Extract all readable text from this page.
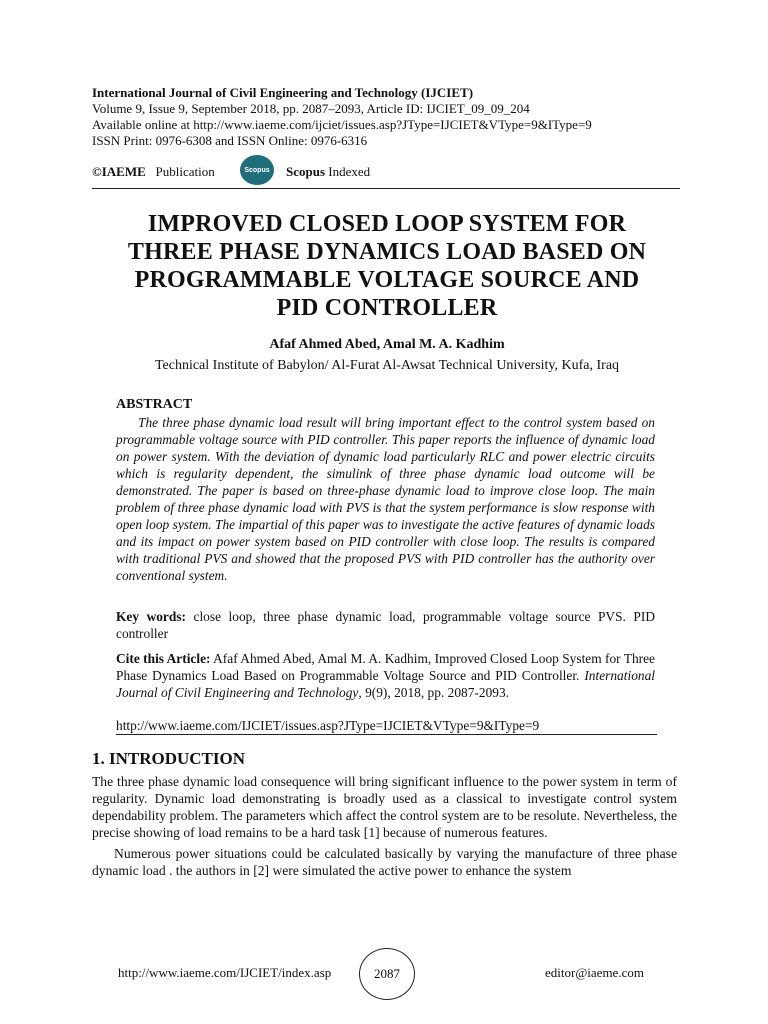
International Journal of Civil Engineering and Technology (IJCIET)
Volume 9, Issue 9, September 2018, pp. 2087–2093, Article ID: IJCIET_09_09_204
Available online at http://www.iaeme.com/ijciet/issues.asp?JType=IJCIET&VType=9&IType=9
ISSN Print: 0976-6308 and ISSN Online: 0976-6316
©IAEME Publication	Scopus Scopus Indexed
IMPROVED CLOSED LOOP SYSTEM FOR
THREE PHASE DYNAMICS LOAD BASED ON
PROGRAMMABLE VOLTAGE SOURCE AND
PID CONTROLLER
Afaf Ahmed Abed, Amal M. A. Kadhim
Technical Institute of Babylon/ Al-Furat Al-Awsat Technical University, Kufa, Iraq
ABSTRACT
The three phase dynamic load result will bring important effect to the control system based on programmable voltage source with PID controller. This paper reports the influence of dynamic load on power system. With the deviation of dynamic load particularly RLC and power electric circuits which is regularity dependent, the simulink of three phase dynamic load outcome will be demonstrated. The paper is based on three-phase dynamic load to improve close loop. The main problem of three phase dynamic load with PVS is that the system performance is slow response with open loop system. The impartial of this paper was to investigate the active features of dynamic loads and its impact on power system based on PID controller with close loop. The results is compared with traditional PVS and showed that the proposed PVS with PID controller has the authority over conventional system.
Key words: close loop, three phase dynamic load, programmable voltage source PVS. PID controller
Cite this Article: Afaf Ahmed Abed, Amal M. A. Kadhim, Improved Closed Loop System for Three Phase Dynamics Load Based on Programmable Voltage Source and PID Controller. International Journal of Civil Engineering and Technology, 9(9), 2018, pp. 2087-2093.
http://www.iaeme.com/IJCIET/issues.asp?JType=IJCIET&VType=9&IType=9
1. INTRODUCTION

The three phase dynamic load consequence will bring significant influence to the power system in term of regularity. Dynamic load demonstrating is broadly used as a classical to investigate control system dependability problem. The parameters which affect the control system are to be resolute. Nevertheless, the precise showing of load remains to be a hard task [1] because of numerous features.

Numerous power situations could be calculated basically by varying the manufacture of three phase dynamic load . the authors in [2] were simulated the active power to enhance the system

http://www.iaeme.com/IJCIET/index.asp	2087	editor@iaeme.com
